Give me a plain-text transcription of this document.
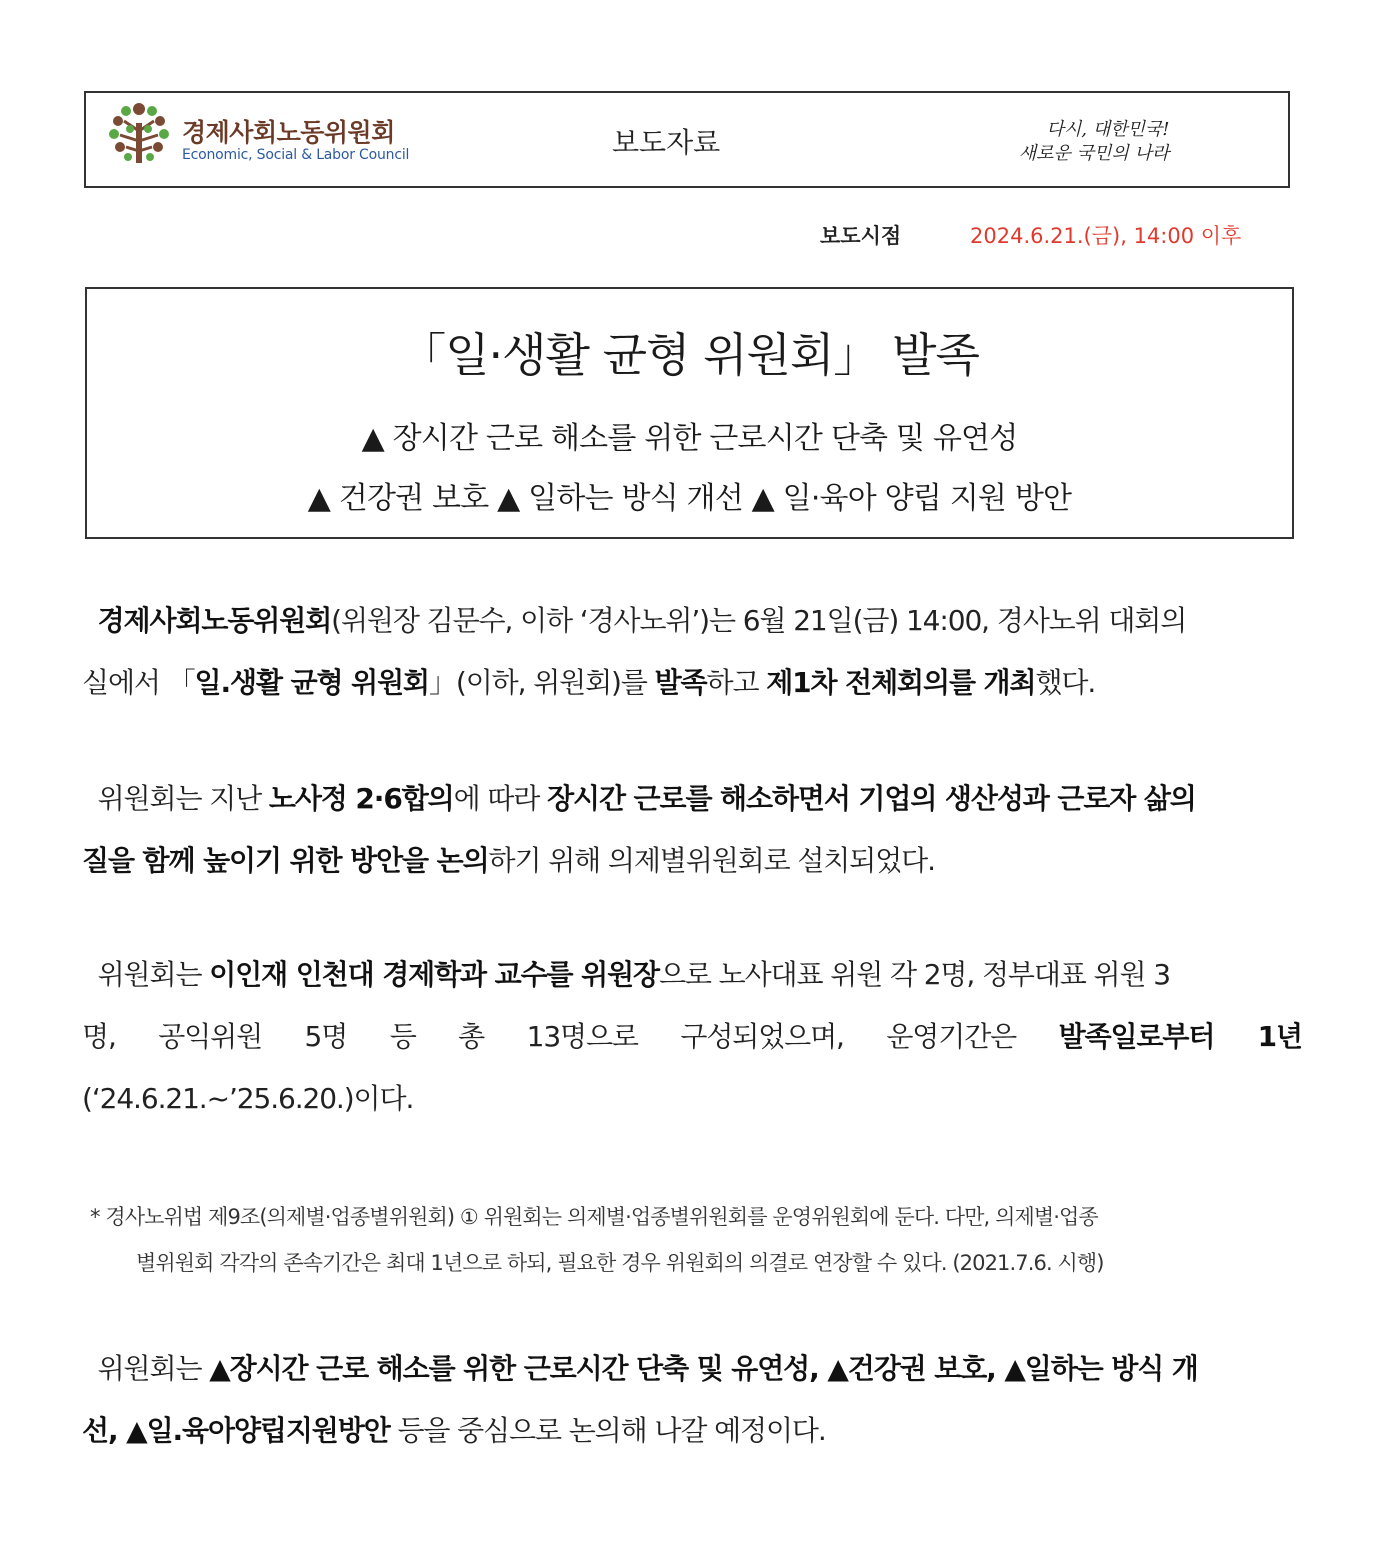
경제사회노동위원회
Economic, Social & Labor Council	보도자료	다시, 대한민국!
새로운 국민의 나라
보도시점	2024.6.21.(금), 14:00 이후
「일·생활 균형 위원회」 발족
▲ 장시간 근로 해소를 위한 근로시간 단축 및 유연성
▲ 건강권 보호 ▲ 일하는 방식 개선 ▲ 일·육아 양립 지원 방안
경제사회노동위원회(위원장 김문수, 이하 ‘경사노위’)는 6월 21일(금) 14:00, 경사노위 대회의
실에서 「일.생활 균형 위원회」(이하, 위원회)를 발족하고 제1차 전체회의를 개최했다.
위원회는 지난 노사정 2·6합의에 따라 장시간 근로를 해소하면서 기업의 생산성과 근로자 삶의
질을 함께 높이기 위한 방안을 논의하기 위해 의제별위원회로 설치되었다.
위원회는 이인재 인천대 경제학과 교수를 위원장으로 노사대표 위원 각 2명, 정부대표 위원 3
명, 공익위원 5명 등 총 13명으로 구성되었으며, 운영기간은 발족일로부터 1년
(‘24.6.21.~’25.6.20.)이다.
* 경사노위법 제9조(의제별·업종별위원회) ① 위원회는 의제별·업종별위원회를 운영위원회에 둔다. 다만, 의제별·업종
별위원회 각각의 존속기간은 최대 1년으로 하되, 필요한 경우 위원회의 의결로 연장할 수 있다. (2021.7.6. 시행)
위원회는 ▲장시간 근로 해소를 위한 근로시간 단축 및 유연성, ▲건강권 보호, ▲일하는 방식 개
선, ▲일.육아양립지원방안 등을 중심으로 논의해 나갈 예정이다.
